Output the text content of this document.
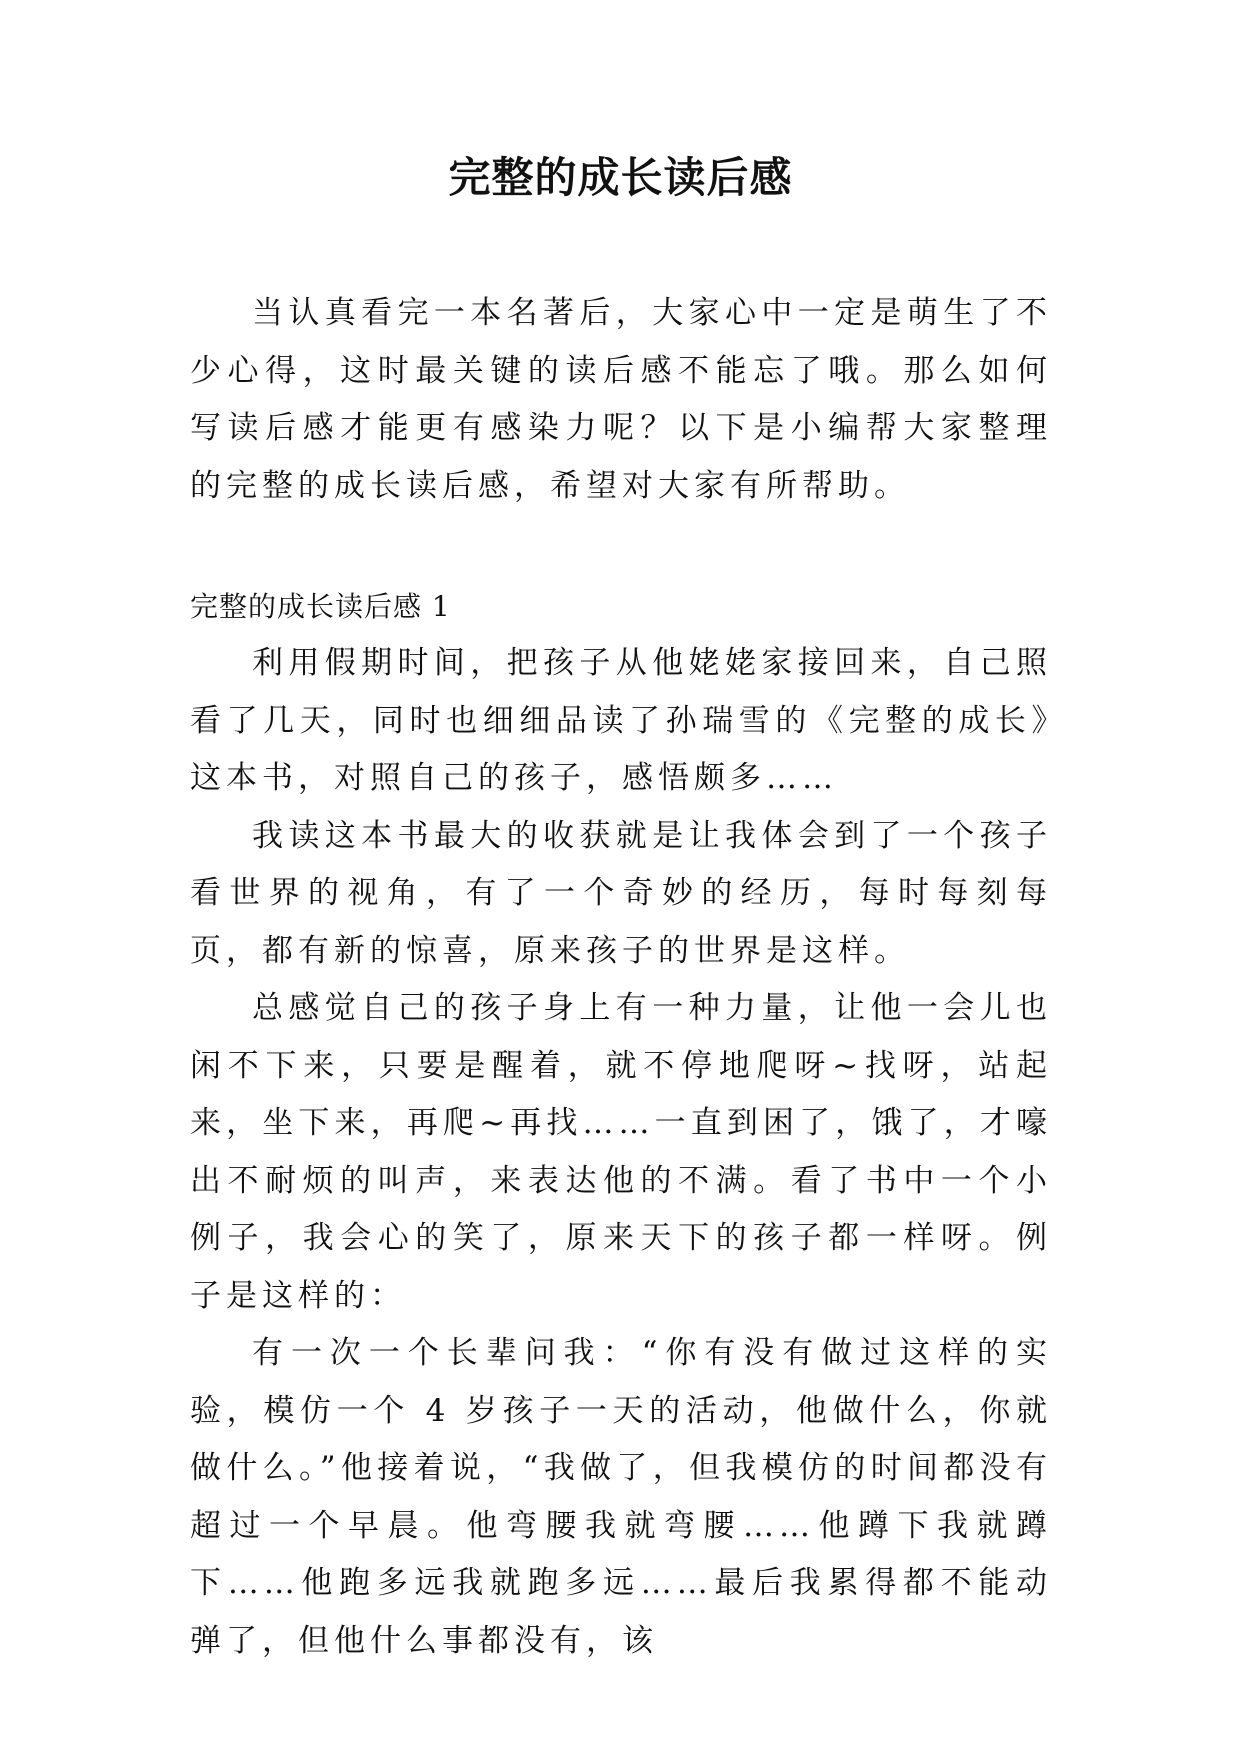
完整的成长读后感

当认真看完一本名著后，大家心中一定是萌生了不少心得，这时最关键的读后感不能忘了哦。那么如何写读后感才能更有感染力呢？以下是小编帮大家整理的完整的成长读后感，希望对大家有所帮助。

完整的成长读后感 1

利用假期时间，把孩子从他姥姥家接回来，自己照看了几天，同时也细细品读了孙瑞雪的《完整的成长》这本书，对照自己的孩子，感悟颇多……

我读这本书最大的收获就是让我体会到了一个孩子看世界的视角，有了一个奇妙的经历，每时每刻每页，都有新的惊喜，原来孩子的世界是这样。

总感觉自己的孩子身上有一种力量，让他一会儿也闲不下来，只要是醒着，就不停地爬呀~找呀，站起来，坐下来，再爬~再找……一直到困了，饿了，才嚎出不耐烦的叫声，来表达他的不满。看了书中一个小例子，我会心的笑了，原来天下的孩子都一样呀。例子是这样的：

有一次一个长辈问我：“你有没有做过这样的实验，模仿一个 4 岁孩子一天的活动，他做什么，你就做什么。”他接着说，“我做了，但我模仿的时间都没有超过一个早晨。他弯腰我就弯腰……他蹲下我就蹲下……他跑多远我就跑多远……最后我累得都不能动弹了，但他什么事都没有，该
